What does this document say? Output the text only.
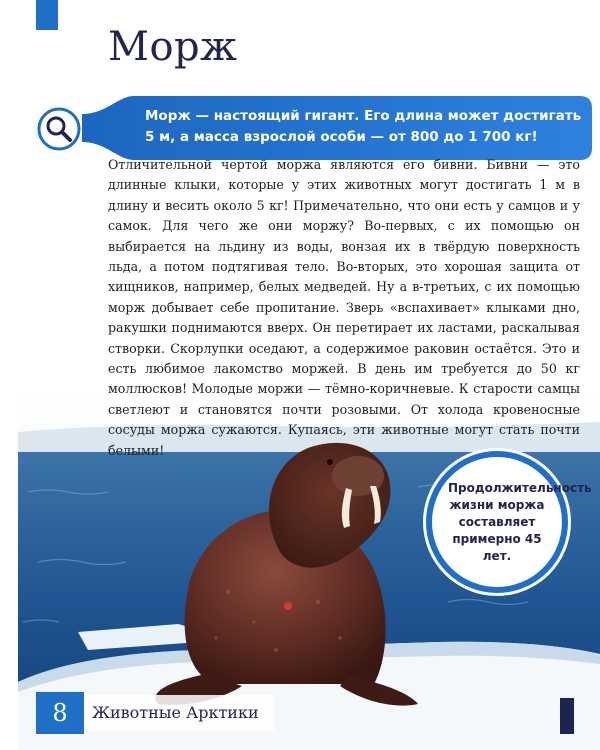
Морж

Морж — настоящий гигант. Его длина может достигать 5 м, а масса взрослой особи — от 800 до 1 700 кг!

Отличительной чертой моржа являются его бивни. Бивни — это длинные клыки, которые у этих животных могут достигать 1 м в длину и весить около 5 кг! Примечательно, что они есть у самцов и у самок. Для чего же они моржу? Во-первых, с их помощью он выбирается на льдину из воды, вонзая их в твёрдую поверхность льда, а потом подтягивая тело. Во-вторых, это хорошая защита от хищников, например, белых медведей. Ну а в-третьих, с их помощью морж добывает себе пропитание. Зверь «вспахивает» клыками дно, ракушки поднимаются вверх. Он перетирает их ластами, раскалывая створки. Скорлупки оседают, а содержимое раковин остаётся. Это и есть любимое лакомство моржей. В день им требуется до 50 кг моллюсков! Молодые моржи — тёмно-коричневые. К старости самцы светлеют и становятся почти розовыми. От холода кровеносные сосуды моржа сужаются. Купаясь, эти животные могут стать почти белыми!

Продолжительность жизни моржа составляет примерно 45 лет.

8	Животные Арктики
